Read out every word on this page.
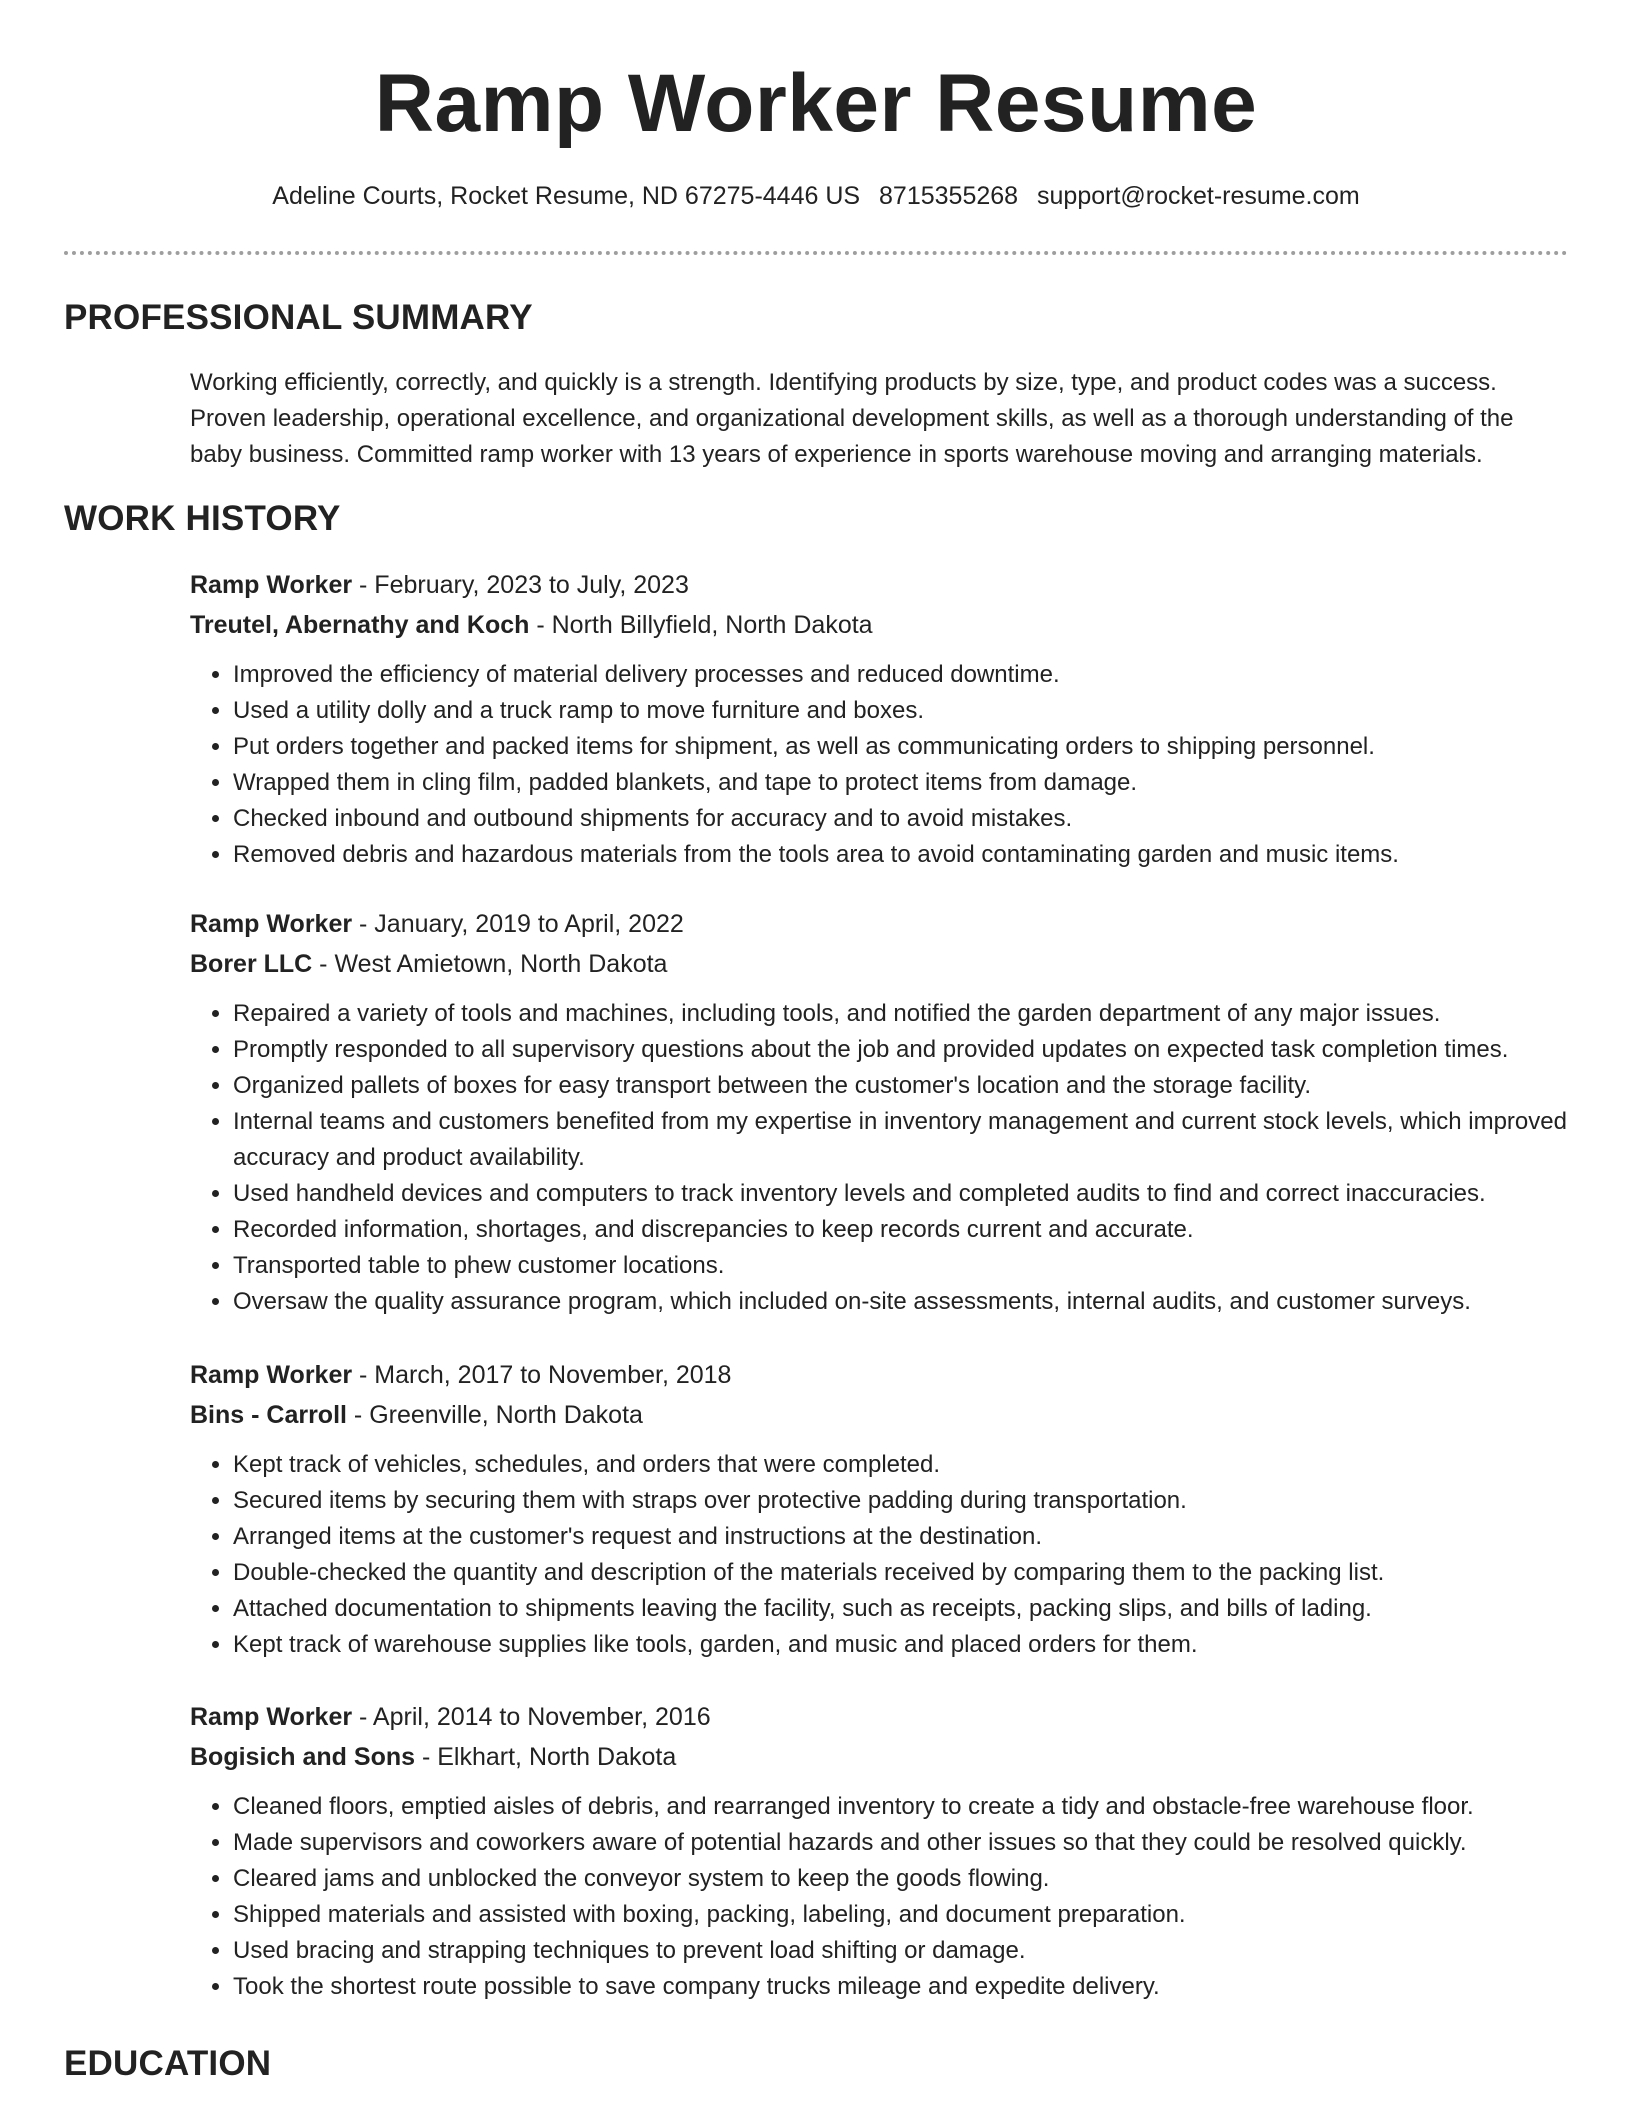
Ramp Worker Resume

Adeline Courts, Rocket Resume, ND 67275-4446 US 8715355268 support@rocket-resume.com

PROFESSIONAL SUMMARY

Working efficiently, correctly, and quickly is a strength. Identifying products by size, type, and product codes was a success. Proven leadership, operational excellence, and organizational development skills, as well as a thorough understanding of the baby business. Committed ramp worker with 13 years of experience in sports warehouse moving and arranging materials.

WORK HISTORY

Ramp Worker - February, 2023 to July, 2023

Treutel, Abernathy and Koch - North Billyfield, North Dakota

• Improved the efficiency of material delivery processes and reduced downtime.
• Used a utility dolly and a truck ramp to move furniture and boxes.
• Put orders together and packed items for shipment, as well as communicating orders to shipping personnel.
• Wrapped them in cling film, padded blankets, and tape to protect items from damage.
• Checked inbound and outbound shipments for accuracy and to avoid mistakes.
• Removed debris and hazardous materials from the tools area to avoid contaminating garden and music items.

Ramp Worker - January, 2019 to April, 2022

Borer LLC - West Amietown, North Dakota

• Repaired a variety of tools and machines, including tools, and notified the garden department of any major issues.
• Promptly responded to all supervisory questions about the job and provided updates on expected task completion times.
• Organized pallets of boxes for easy transport between the customer's location and the storage facility.
• Internal teams and customers benefited from my expertise in inventory management and current stock levels, which improved accuracy and product availability.
• Used handheld devices and computers to track inventory levels and completed audits to find and correct inaccuracies.
• Recorded information, shortages, and discrepancies to keep records current and accurate.
• Transported table to phew customer locations.
• Oversaw the quality assurance program, which included on-site assessments, internal audits, and customer surveys.

Ramp Worker - March, 2017 to November, 2018

Bins - Carroll - Greenville, North Dakota

• Kept track of vehicles, schedules, and orders that were completed.
• Secured items by securing them with straps over protective padding during transportation.
• Arranged items at the customer's request and instructions at the destination.
• Double-checked the quantity and description of the materials received by comparing them to the packing list.
• Attached documentation to shipments leaving the facility, such as receipts, packing slips, and bills of lading.
• Kept track of warehouse supplies like tools, garden, and music and placed orders for them.

Ramp Worker - April, 2014 to November, 2016

Bogisich and Sons - Elkhart, North Dakota

• Cleaned floors, emptied aisles of debris, and rearranged inventory to create a tidy and obstacle-free warehouse floor.
• Made supervisors and coworkers aware of potential hazards and other issues so that they could be resolved quickly.
• Cleared jams and unblocked the conveyor system to keep the goods flowing.
• Shipped materials and assisted with boxing, packing, labeling, and document preparation.
• Used bracing and strapping techniques to prevent load shifting or damage.
• Took the shortest route possible to save company trucks mileage and expedite delivery.
EDUCATION
